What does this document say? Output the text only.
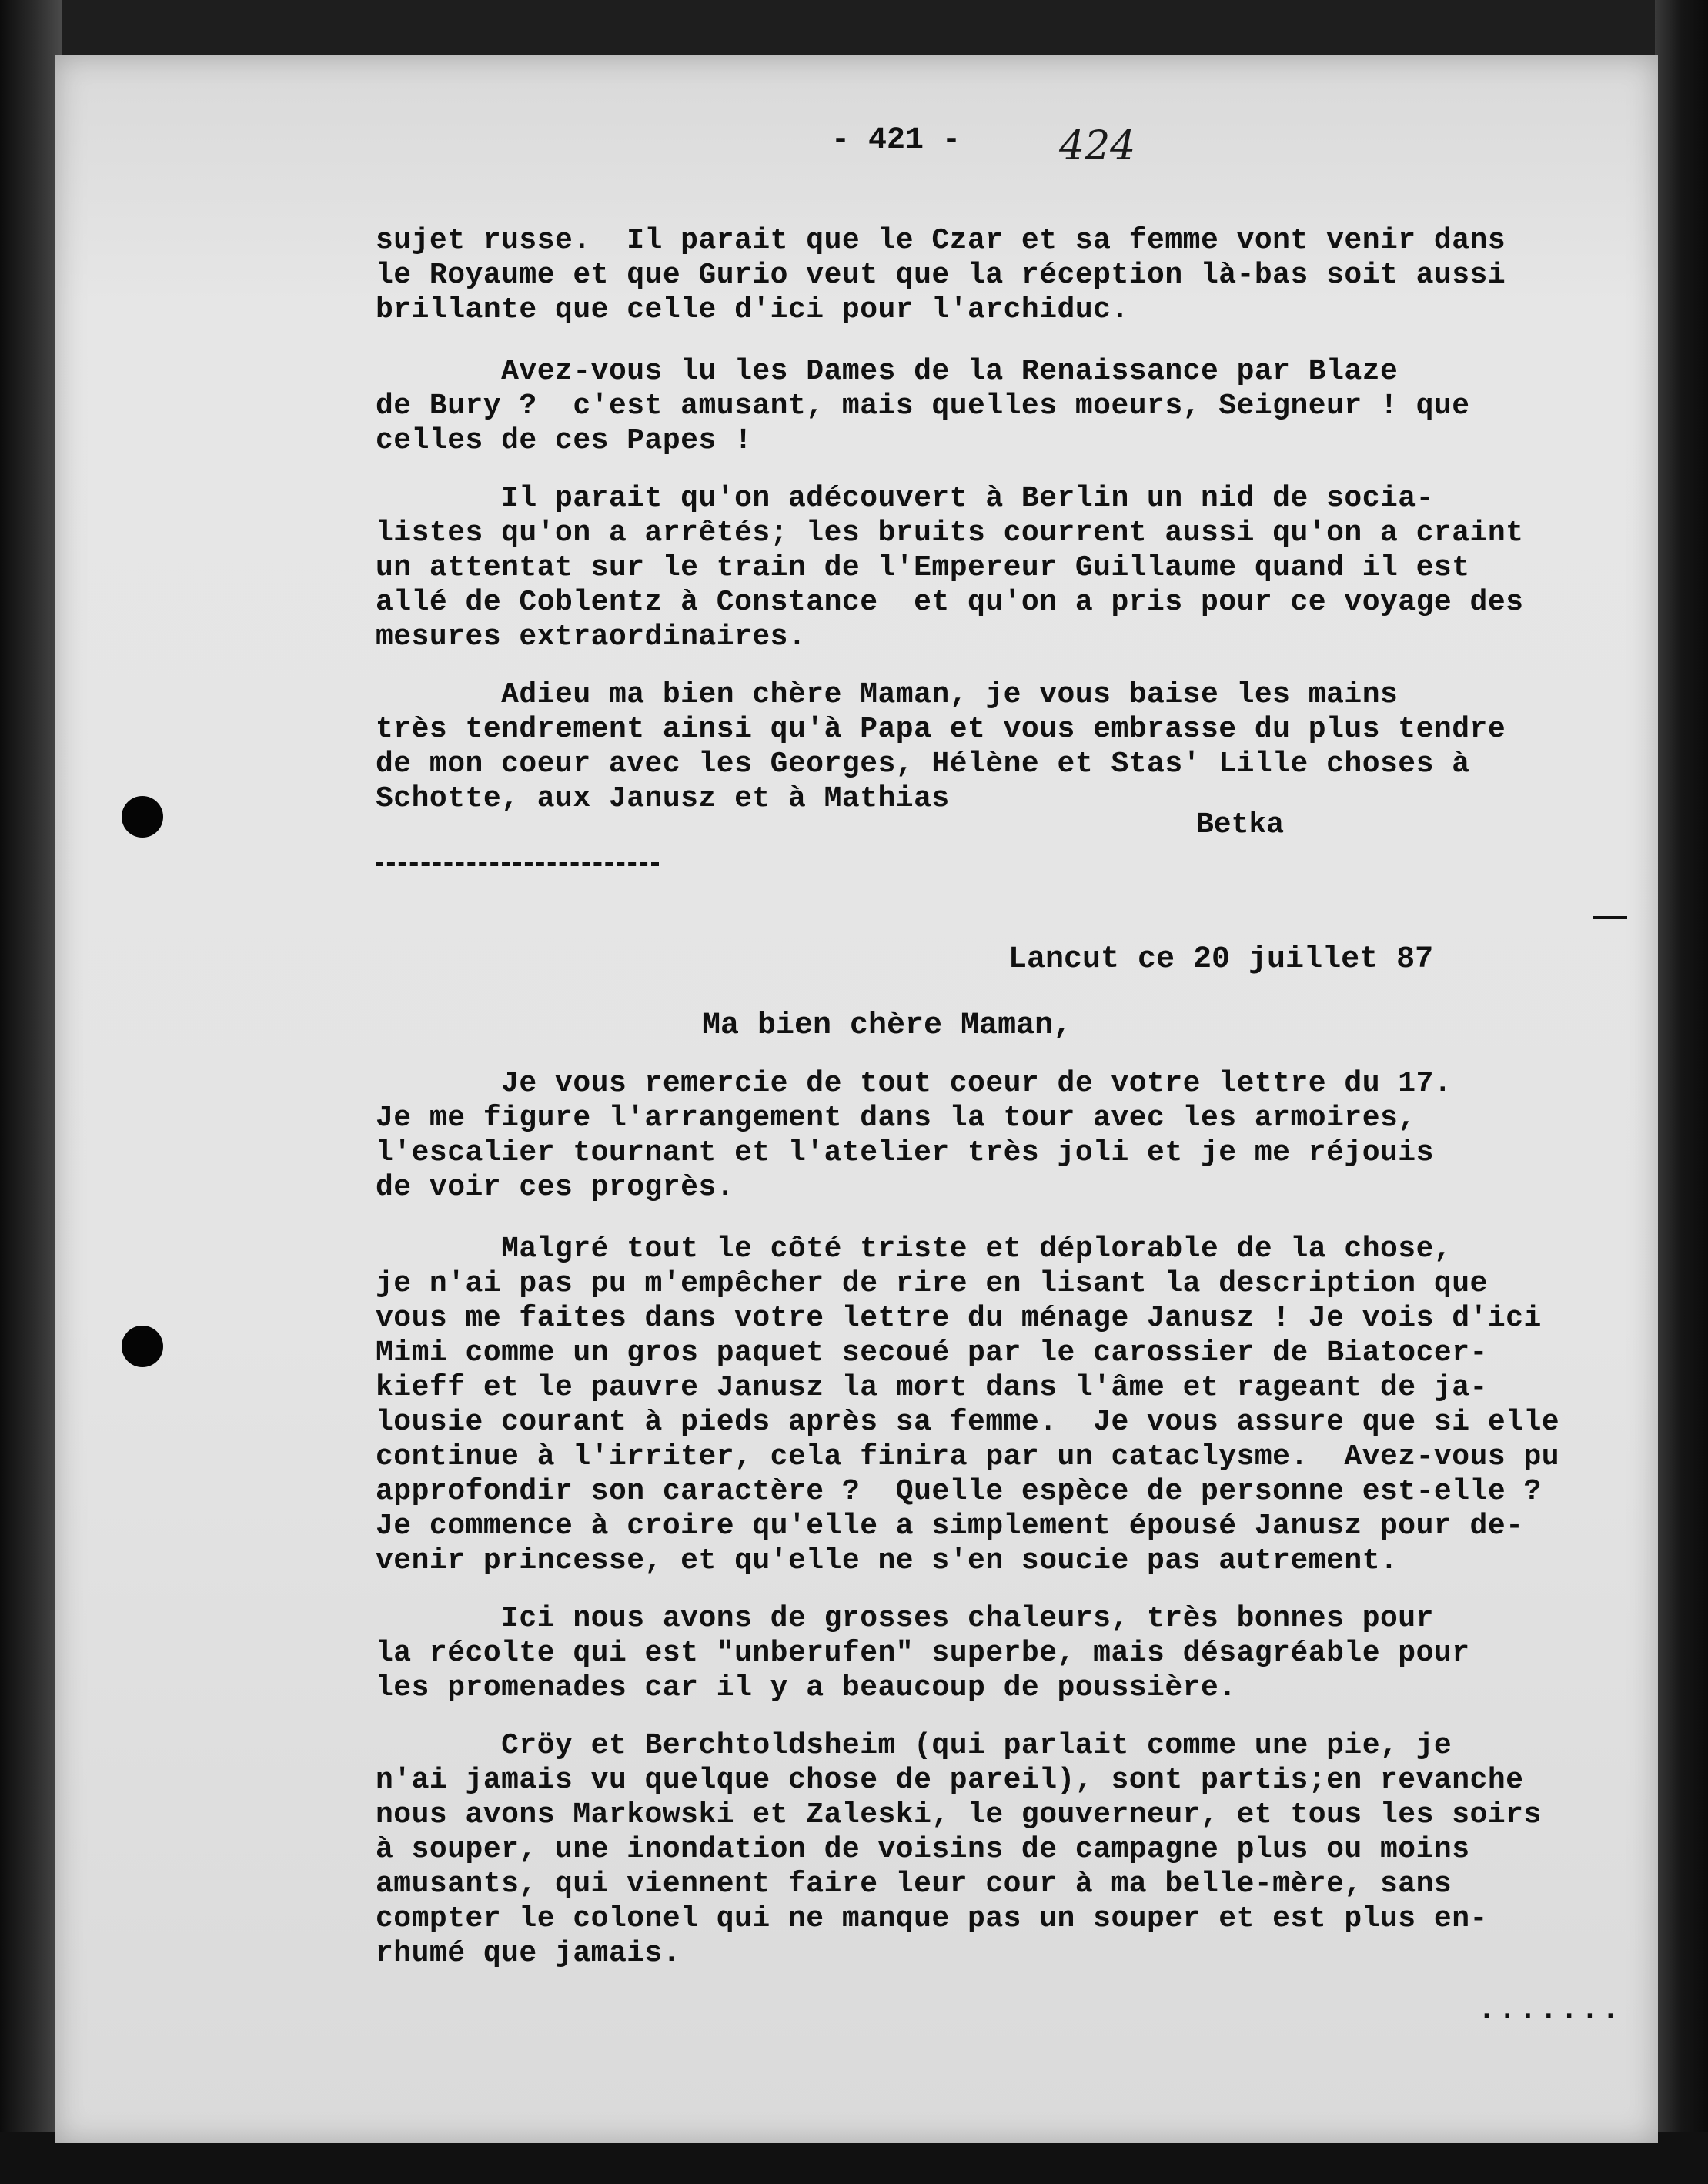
- 421 - 424
sujet russe.  Il parait que le Czar et sa femme vont venir dans
le Royaume et que Gurio veut que la réception là-bas soit aussi
brillante que celle d'ici pour l'archiduc.
Avez-vous lu les Dames de la Renaissance par Blaze
de Bury ?  c'est amusant, mais quelles moeurs, Seigneur ! que
celles de ces Papes !
Il parait qu'on adécouvert à Berlin un nid de socia-
listes qu'on a arrêtés; les bruits courrent aussi qu'on a craint
un attentat sur le train de l'Empereur Guillaume quand il est
allé de Coblentz à Constance  et qu'on a pris pour ce voyage des
mesures extraordinaires.
Adieu ma bien chère Maman, je vous baise les mains
très tendrement ainsi qu'à Papa et vous embrasse du plus tendre
de mon coeur avec les Georges, Hélène et Stas' Lille choses à
Schotte, aux Janusz et à Mathias
Betka
Lancut ce 20 juillet 87
Ma bien chère Maman,
Je vous remercie de tout coeur de votre lettre du 17.
Je me figure l'arrangement dans la tour avec les armoires,
l'escalier tournant et l'atelier très joli et je me réjouis
de voir ces progrès.
Malgré tout le côté triste et déplorable de la chose,
je n'ai pas pu m'empêcher de rire en lisant la description que
vous me faites dans votre lettre du ménage Janusz ! Je vois d'ici
Mimi comme un gros paquet secoué par le carossier de Biatocer-
kieff et le pauvre Janusz la mort dans l'âme et rageant de ja-
lousie courant à pieds après sa femme.  Je vous assure que si elle
continue à l'irriter, cela finira par un cataclysme.  Avez-vous pu
approfondir son caractère ?  Quelle espèce de personne est-elle ?
Je commence à croire qu'elle a simplement épousé Janusz pour de-
venir princesse, et qu'elle ne s'en soucie pas autrement.
Ici nous avons de grosses chaleurs, très bonnes pour
la récolte qui est "unberufen" superbe, mais désagréable pour
les promenades car il y a beaucoup de poussière.
Cröy et Berchtoldsheim (qui parlait comme une pie, je
n'ai jamais vu quelque chose de pareil), sont partis;en revanche
nous avons Markowski et Zaleski, le gouverneur, et tous les soirs
à souper, une inondation de voisins de campagne plus ou moins
amusants, qui viennent faire leur cour à ma belle-mère, sans
compter le colonel qui ne manque pas un souper et est plus en-
rhumé que jamais.
.......
